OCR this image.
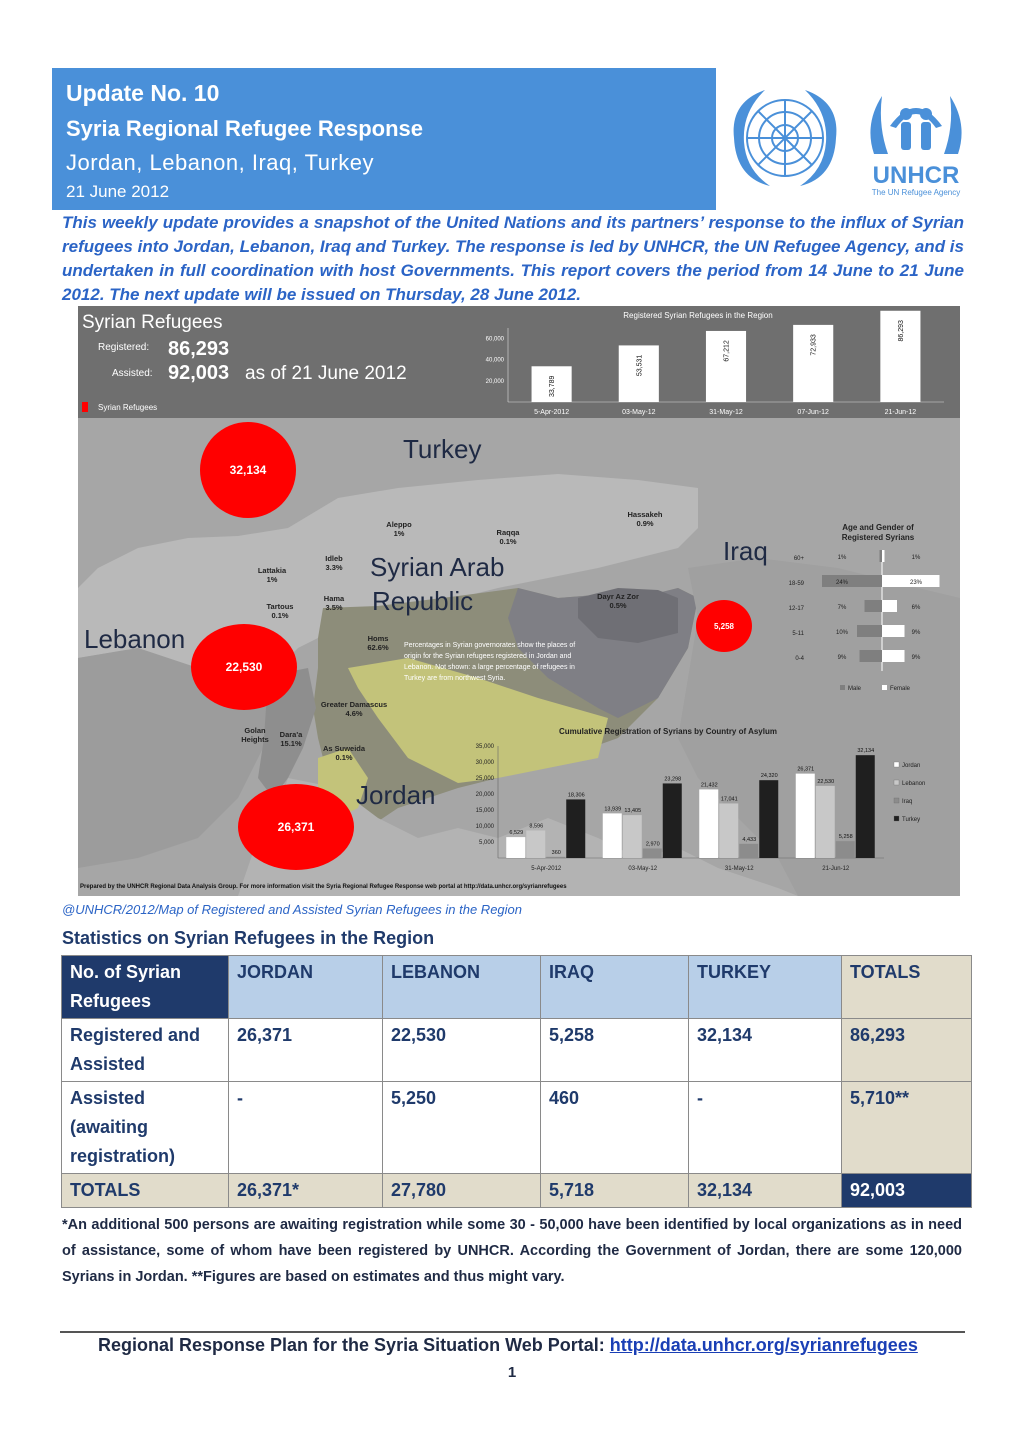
Update No. 10
Syria Regional Refugee Response
Jordan, Lebanon, Iraq, Turkey
21 June 2012
UNHCR
The UN Refugee Agency
This weekly update provides a snapshot of the United Nations and its partners’ response to the influx of Syrian refugees into Jordan, Lebanon, Iraq and Turkey. The response is led by UNHCR, the UN Refugee Agency, and is undertaken in full coordination with host Governments. This report covers the period from 14 June to 21 June 2012. The next update will be issued on Thursday, 28 June 2012.
Syrian Refugees
Registered: 86,293
Assisted: 92,003 as of 21 June 2012
Syrian Refugees
Registered Syrian Refugees in the Region
20,000
40,000
60,000
33,789
5-Apr-2012
53,531
03-May-12
67,212
31-May-12
72,933
07-Jun-12
86,293
21-Jun-12
Turkey
Syrian Arab
Republic
Lebanon
Iraq
Jordan
32,134
22,530
26,371
5,258
Aleppo
1%	Raqqa
0.1%
Hassakeh
0.9%
Idleb
3.3%
Lattakia
1%
Hama
3.5%
Tartous
0.1%
Homs
62.6%
Dayr Az Zor
0.5%
Greater Damascus
4.6%
Golan Heights

Dara'a
15.1%
As Suweida
0.1%
Percentages in Syrian governorates show the places of origin for the Syrian refugees registered in Jordan and Lebanon. Not shown: a large percentage of refugees in Turkey are from northwest Syria.
Age and Gender of
Registered Syrians
60+	1%	1%
18-59	24%	23%
12-17	7%	6%
5-11	10%	9%
0-4	9%	9%
Male	Female
Cumulative Registration of Syrians by Country of Asylum
5,000
10,000
15,000
20,000
25,000
30,000
35,000
6,529
8,596
360
18,306
5-Apr-2012
13,939 13,405
2,970
23,298
03-May-12
21,432
17,041
4,433
24,320
31-May-12
26,371
22,530
5,258
32,134
21-Jun-12
Jordan
Lebanon
Iraq
Turkey
Prepared by the UNHCR Regional Data Analysis Group. For more information visit the Syria Regional Refugee Response web portal at http://data.unhcr.org/syrianrefugees
@UNHCR/2012/Map of Registered and Assisted Syrian Refugees in the Region
Statistics on Syrian Refugees in the Region
No. of Syrian Refugees	JORDAN	LEBANON	IRAQ	TURKEY	TOTALS
Registered and Assisted	26,371	22,530	5,258	32,134	86,293
Assisted (awaiting registration)	-	5,250	460	-	5,710**
TOTALS	26,371*	27,780	5,718	32,134	92,003
*An additional 500 persons are awaiting registration while some 30 - 50,000 have been identified by local organizations as in need of assistance, some of whom have been registered by UNHCR. According the Government of Jordan, there are some 120,000 Syrians in Jordan. **Figures are based on estimates and thus might vary.
Regional Response Plan for the Syria Situation Web Portal: http://data.unhcr.org/syrianrefugees
1
